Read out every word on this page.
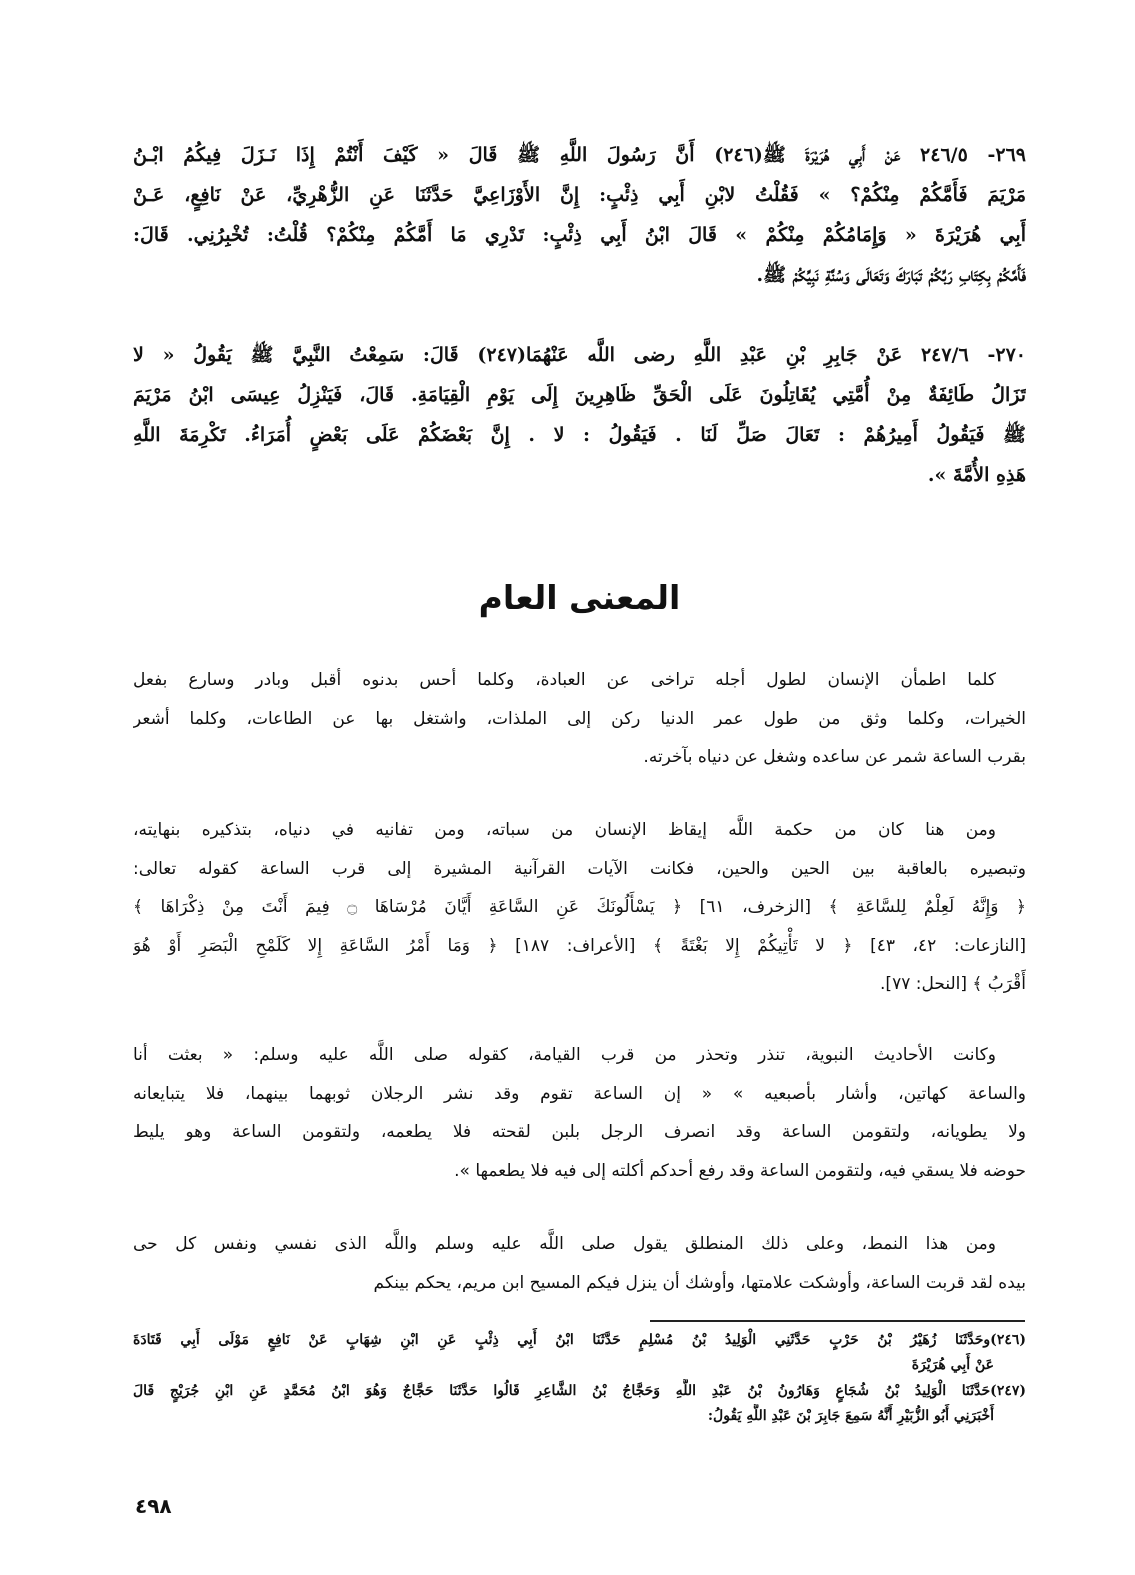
٢٦٩- ٢٤٦/٥ عَنْ أَبِي هُرَيْرَةَ ﷺ(٢٤٦) أَنَّ رَسُولَ اللَّهِ ﷺ قَالَ « كَيْفَ أَنْتُمْ إِذَا نَـزَلَ فِيكُمُ ابْـنُ
مَرْيَمَ فَأَمَّكُمْ مِنْكُمْ؟ » فَقُلْتُ لابْنِ أَبِي ذِئْبٍ: إِنَّ الأَوْزَاعِيَّ حَدَّثَنَا عَنِ الزُّهْرِيِّ، عَنْ نَافِعٍ، عَـنْ
أَبِي هُرَيْرَةَ « وَإِمَامُكُمْ مِنْكُمْ » قَالَ ابْنُ أَبِي ذِئْبٍ: تَدْرِي مَا أَمَّكُمْ مِنْكُمْ؟ قُلْتُ: تُخْبِرُنِي. قَالَ:
فَأَمَّكُمْ بِكِتَابِ رَبِّكُمْ تَبَارَكَ وَتَعَالَى وَسُنَّةِ نَبِيِّكُمْ ﷺ.
٢٧٠- ٢٤٧/٦ عَنْ جَابِرِ بْنِ عَبْدِ اللَّهِ رضى اللَّه عَنْهُمَا(٢٤٧) قَالَ: سَمِعْتُ النَّبِيَّ ﷺ يَقُولُ « لا
تَزَالُ طَائِفَةٌ مِنْ أُمَّتِي يُقَاتِلُونَ عَلَى الْحَقِّ ظَاهِرِينَ إِلَى يَوْمِ الْقِيَامَةِ. قَالَ، فَيَنْزِلُ عِيسَى ابْنُ مَرْيَمَ
ﷺ فَيَقُولُ أَمِيرُهُمْ : تَعَالَ صَلِّ لَنَا . فَيَقُولُ : لا . إِنَّ بَعْضَكُمْ عَلَى بَعْضٍ أُمَرَاءُ. تَكْرِمَةَ اللَّهِ
هَذِهِ الأُمَّةَ ».
المعنى العام
كلما اطمأن الإنسان لطول أجله تراخى عن العبادة، وكلما أحس بدنوه أقبل وبادر وسارع بفعل
الخيرات، وكلما وثق من طول عمر الدنيا ركن إلى الملذات، واشتغل بها عن الطاعات، وكلما أشعر
بقرب الساعة شمر عن ساعده وشغل عن دنياه بآخرته.
ومن هنا كان من حكمة اللَّه إيقاظ الإنسان من سباته، ومن تفانيه في دنياه، بتذكيره بنهايته،
وتبصيره بالعاقبة بين الحين والحين، فكانت الآيات القرآنية المشيرة إلى قرب الساعة كقوله تعالى:
﴿ وَإِنَّهُ لَعِلْمٌ لِلسَّاعَةِ ﴾ [الزخرف، ٦١] ﴿ يَسْأَلُونَكَ عَنِ السَّاعَةِ أَيَّانَ مُرْسَاهَا ۝ فِيمَ أَنْتَ مِنْ ذِكْرَاهَا ﴾
[النازعات: ٤٢، ٤٣] ﴿ لا تَأْتِيكُمْ إِلا بَغْتَةً ﴾ [الأعراف: ١٨٧] ﴿ وَمَا أَمْرُ السَّاعَةِ إِلا كَلَمْحِ الْبَصَرِ أَوْ هُوَ
أَقْرَبُ ﴾ [النحل: ٧٧].
وكانت الأحاديث النبوية، تنذر وتحذر من قرب القيامة، كقوله صلى اللَّه عليه وسلم: « بعثت أنا
والساعة كهاتين، وأشار بأصبعيه » « إن الساعة تقوم وقد نشر الرجلان ثوبهما بينهما، فلا يتبايعانه
ولا يطويانه، ولتقومن الساعة وقد انصرف الرجل بلبن لقحته فلا يطعمه، ولتقومن الساعة وهو يليط
حوضه فلا يسقي فيه، ولتقومن الساعة وقد رفع أحدكم أكلته إلى فيه فلا يطعمها ».
ومن هذا النمط، وعلى ذلك المنطلق يقول صلى اللَّه عليه وسلم واللَّه الذى نفسي ونفس كل حى
بيده لقد قربت الساعة، وأوشكت علامتها، وأوشك أن ينزل فيكم المسيح ابن مريم، يحكم بينكم
(٢٤٦)وحَدَّثَنَا زُهَيْرُ بْنُ حَرْبٍ حَدَّثَنِي الْوَلِيدُ بْنُ مُسْلِمٍ حَدَّثَنَا ابْنُ أَبِي ذِئْبٍ عَنِ ابْنِ شِهَابٍ عَنْ نَافِعٍ مَوْلَى أَبِي قَتَادَةَ
عَنْ أَبِي هُرَيْرَةَ
(٢٤٧)حَدَّثَنَا الْوَلِيدُ بْنُ شُجَاعٍ وَهَارُونُ بْنُ عَبْدِ اللَّهِ وَحَجَّاجُ بْنُ الشَّاعِرِ قَالُوا حَدَّثَنَا حَجَّاجٌ وَهُوَ ابْنُ مُحَمَّدٍ عَنِ ابْنِ جُرَيْجٍ قَالَ
أَخْبَرَنِي أَبُو الزُّبَيْرِ أَنَّهُ سَمِعَ جَابِرَ بْنَ عَبْدِ اللَّهِ يَقُولُ:
٤٩٨
